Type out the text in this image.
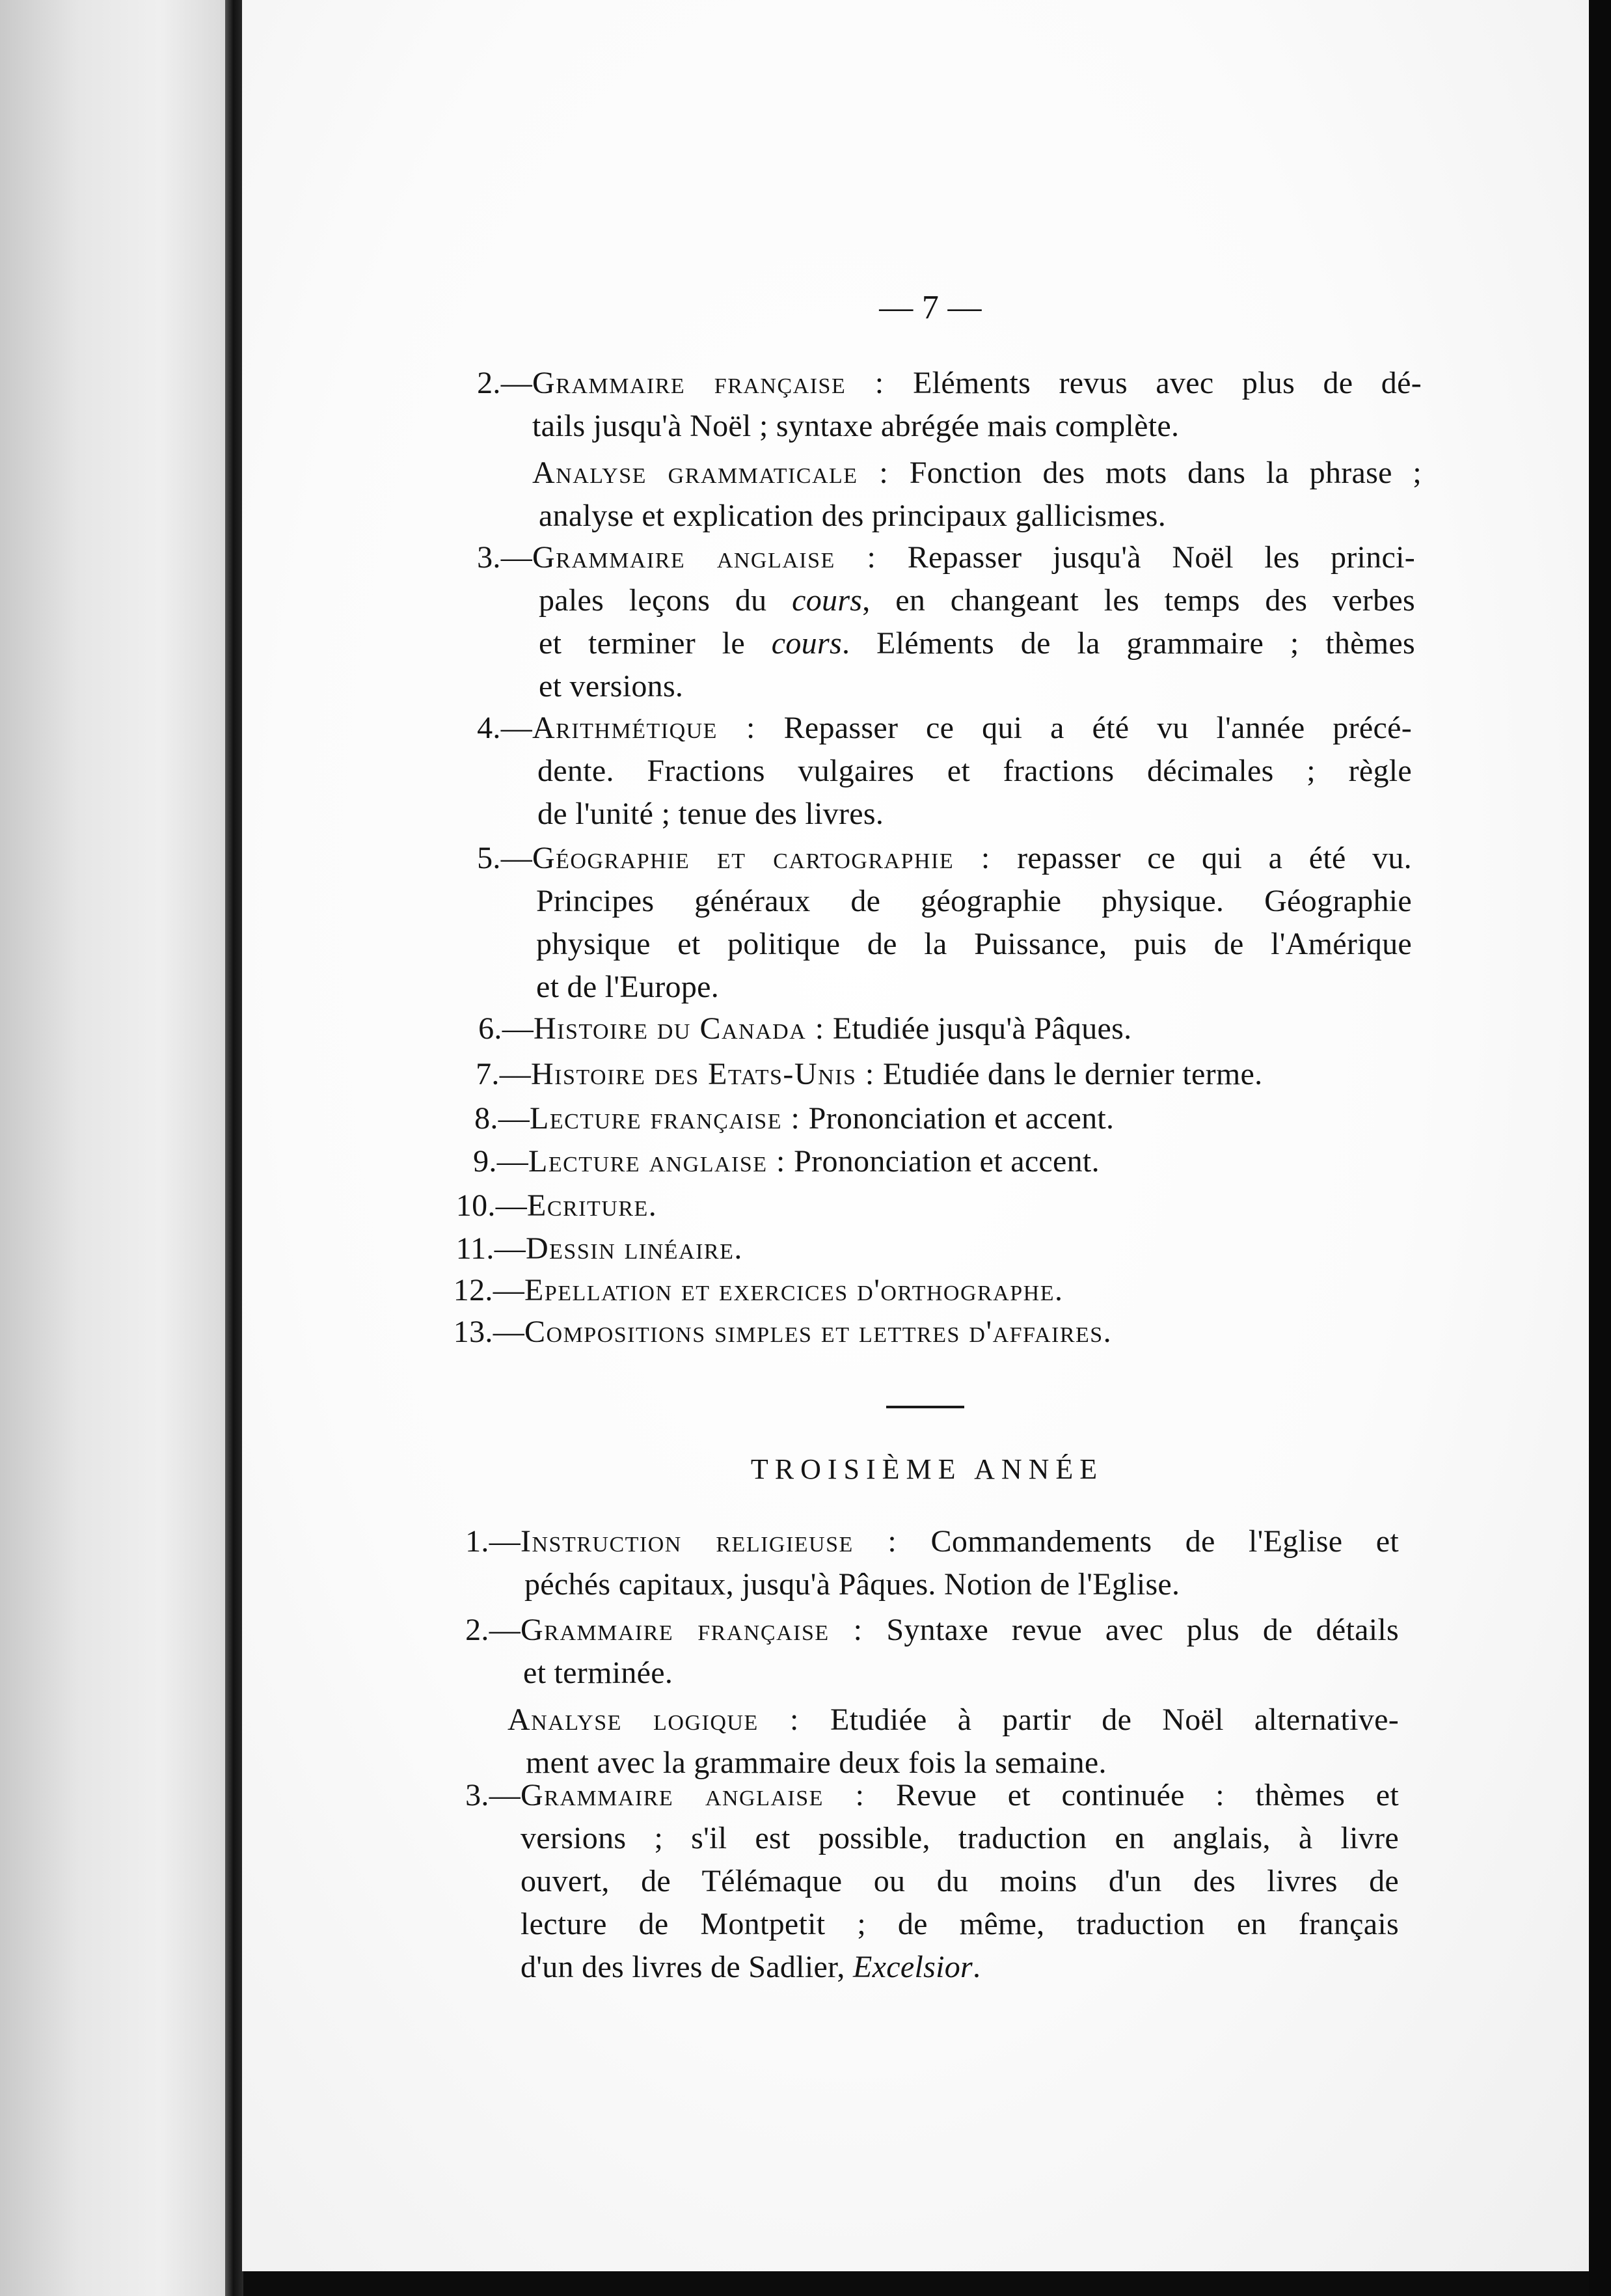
— 7 —
2.— Grammaire française : Eléments revus avec plus de dé-
tails jusqu'à Noël ; syntaxe abrégée mais complète.
Analyse grammaticale : Fonction des mots dans la phrase ;
analyse et explication des principaux gallicismes.
3.— Grammaire anglaise : Repasser jusqu'à Noël les princi-
pales leçons du cours, en changeant les temps des verbes
et terminer le cours. Eléments de la grammaire ; thèmes
et versions.
4.— Arithmétique : Repasser ce qui a été vu l'année précé-
dente. Fractions vulgaires et fractions décimales ; règle
de l'unité ; tenue des livres.
5.— Géographie et cartographie : repasser ce qui a été vu.
Principes généraux de géographie physique. Géographie
physique et politique de la Puissance, puis de l'Amérique
et de l'Europe.
6.— Histoire du Canada : Etudiée jusqu'à Pâques.
7.— Histoire des Etats-Unis : Etudiée dans le dernier terme.
8.— Lecture française : Prononciation et accent.
9.— Lecture anglaise : Prononciation et accent.
10.— Ecriture.
11.— Dessin linéaire.
12.— Epellation et exercices d'orthographe.
13.— Compositions simples et lettres d'affaires.
TROISIÈME ANNÉE
1.— Instruction religieuse : Commandements de l'Eglise et
péchés capitaux, jusqu'à Pâques. Notion de l'Eglise.
2.— Grammaire française : Syntaxe revue avec plus de détails
et terminée.
Analyse logique : Etudiée à partir de Noël alternative-
ment avec la grammaire deux fois la semaine.
3.— Grammaire anglaise : Revue et continuée : thèmes et
versions ; s'il est possible, traduction en anglais, à livre
ouvert, de Télémaque ou du moins d'un des livres de
lecture de Montpetit ; de même, traduction en français
d'un des livres de Sadlier, Excelsior.
